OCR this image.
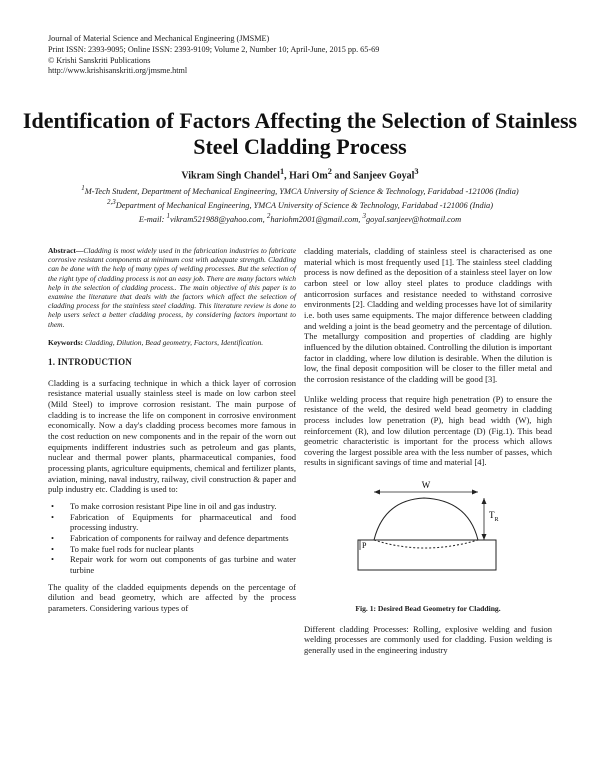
Journal of Material Science and Mechanical Engineering (JMSME)
Print ISSN: 2393-9095; Online ISSN: 2393-9109; Volume 2, Number 10; April-June, 2015 pp. 65-69
© Krishi Sanskriti Publications
http://www.krishisanskriti.org/jmsme.html
Identification of Factors Affecting the Selection of Stainless Steel Cladding Process
Vikram Singh Chandel$^1$, Hari Om$^2$ and Sanjeev Goyal$^3$
$^1$M-Tech Student, Department of Mechanical Engineering, YMCA University of Science & Technology, Faridabad -121006 (India)
$^{2,3}$Department of Mechanical Engineering, YMCA University of Science & Technology, Faridabad -121006 (India)
E-mail: $^1$vikram521988@yahoo.com, $^2$hariohm2001@gmail.com, $^3$goyal.sanjeev@hotmail.com

Abstract—Cladding is most widely used in the fabrication industries to fabricate corrosive resistant components at minimum cost with adequate strength. Cladding can be done with the help of many types of welding processes. But the selection of the right type of cladding process is not an easy job. There are many factors which help in the selection of cladding process.. The main objective of this paper is to examine the literature that deals with the factors which affect the selection of cladding process for the stainless steel cladding. This literature review is done to help users select a better cladding process, by considering factors important to them.

Keywords: Cladding, Dilution, Bead geometry, Factors, Identification.

1. INTRODUCTION

Cladding is a surfacing technique in which a thick layer of corrosion resistance material usually stainless steel is made on low carbon steel (Mild Steel) to improve corrosion resistant. The main purpose of cladding is to increase the life on component in corrosive environment economically. Now a day's cladding process becomes more famous in the cost reduction on new components and in the repair of the worn out equipments indifferent industries such as petroleum and gas plants, nuclear and thermal power plants, pharmaceutical companies, food processing plants, agriculture equipments, chemical and fertilizer plants, aviation, mining, naval industry, railway, civil construction & paper and pulp industry etc. Cladding is used to:

• To make corrosion resistant Pipe line in oil and gas industry.
• Fabrication of Equipments for pharmaceutical and food processing industry.
• Fabrication of components for railway and defence departments
• To make fuel rods for nuclear plants
• Repair work for worn out components of gas turbine and water turbine

The quality of the cladded equipments depends on the percentage of dilution and bead geometry, which are affected by the process parameters. Considering various types of

cladding materials, cladding of stainless steel is characterised as one material which is most frequently used [1]. The stainless steel cladding process is now defined as the deposition of a stainless steel layer on low carbon steel or low alloy steel plates to produce claddings with anticorrosion surfaces and resistance needed to withstand corrosive environments [2]. Cladding and welding processes have lot of similarity i.e. both uses same equipments. The major difference between cladding and welding a joint is the bead geometry and the percentage of dilution. The metallurgy composition and properties of cladding are highly influenced by the dilution obtained. Controlling the dilution is important factor in cladding, where low dilution is desirable. When the dilution is low, the final deposit composition will be closer to the filler metal and the corrosion resistance of the cladding will be good [3].

Unlike welding process that require high penetration (P) to ensure the resistance of the weld, the desired weld bead geometry in cladding process includes low penetration (P), high bead width (W), high reinforcement (R), and low dilution percentage (D) (Fig.1). This bead geometric characteristic is important for the process which allows covering the largest possible area with the less number of passes, which results in significant savings of time and material [4].

W
$T_R$
P
Fig. 1: Desired Bead Geometry for Cladding.

Different cladding Processes: Rolling, explosive welding and fusion welding processes are commonly used for cladding. Fusion welding is generally used in the engineering industry
